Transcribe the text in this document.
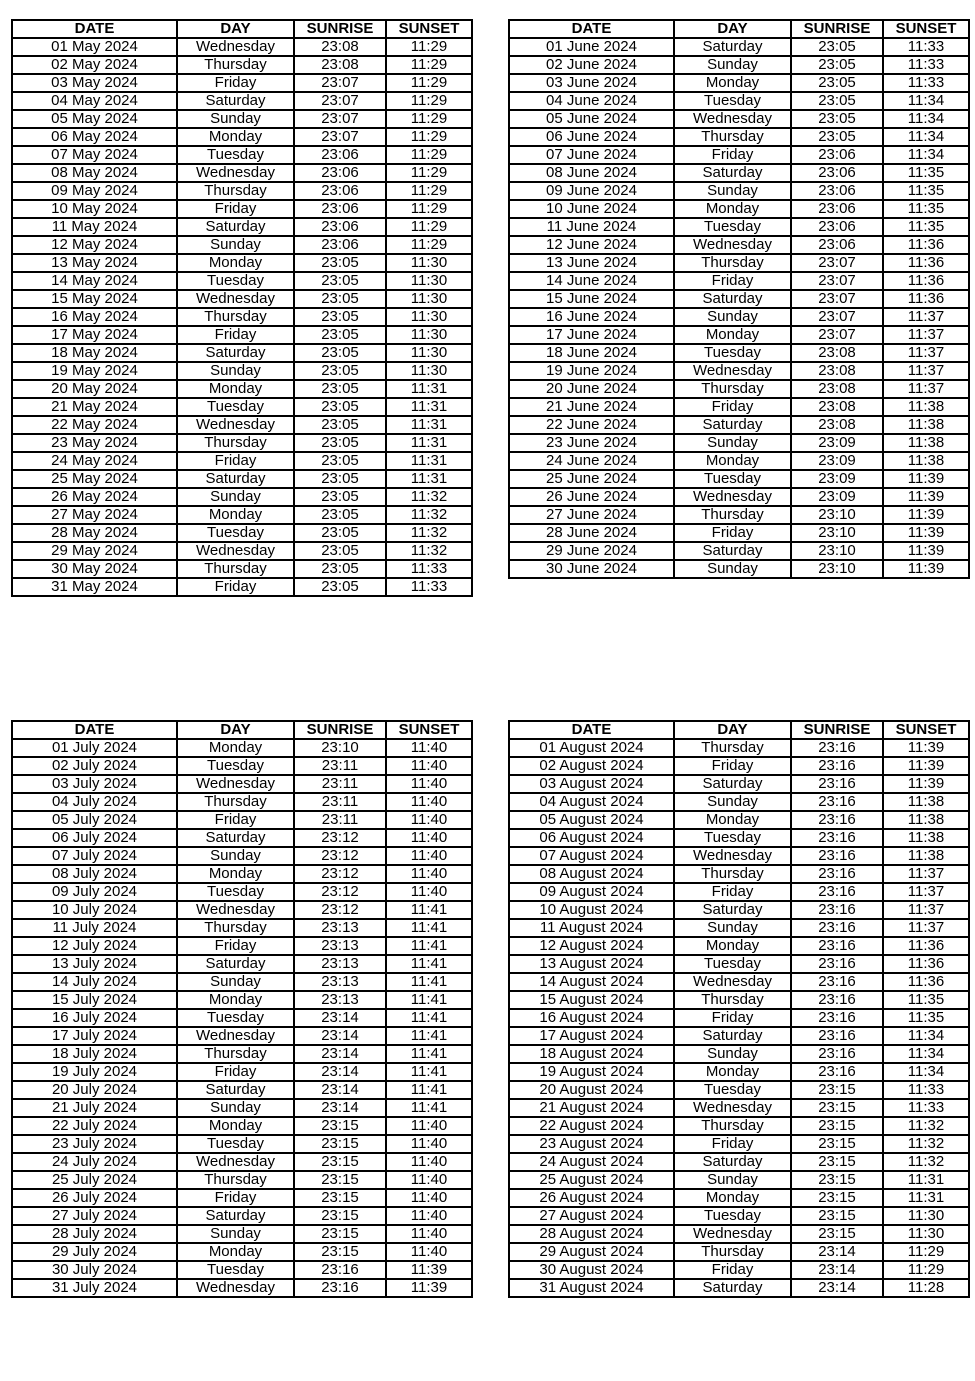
DATE	DAY	SUNRISE	SUNSET
01 May 2024	Wednesday	23:08	11:29
02 May 2024	Thursday	23:08	11:29
03 May 2024	Friday	23:07	11:29
04 May 2024	Saturday	23:07	11:29
05 May 2024	Sunday	23:07	11:29
06 May 2024	Monday	23:07	11:29
07 May 2024	Tuesday	23:06	11:29
08 May 2024	Wednesday	23:06	11:29
09 May 2024	Thursday	23:06	11:29
10 May 2024	Friday	23:06	11:29
11 May 2024	Saturday	23:06	11:29
12 May 2024	Sunday	23:06	11:29
13 May 2024	Monday	23:05	11:30
14 May 2024	Tuesday	23:05	11:30
15 May 2024	Wednesday	23:05	11:30
16 May 2024	Thursday	23:05	11:30
17 May 2024	Friday	23:05	11:30
18 May 2024	Saturday	23:05	11:30
19 May 2024	Sunday	23:05	11:30
20 May 2024	Monday	23:05	11:31
21 May 2024	Tuesday	23:05	11:31
22 May 2024	Wednesday	23:05	11:31
23 May 2024	Thursday	23:05	11:31
24 May 2024	Friday	23:05	11:31
25 May 2024	Saturday	23:05	11:31
26 May 2024	Sunday	23:05	11:32
27 May 2024	Monday	23:05	11:32
28 May 2024	Tuesday	23:05	11:32
29 May 2024	Wednesday	23:05	11:32
30 May 2024	Thursday	23:05	11:33
31 May 2024	Friday	23:05	11:33
DATE	DAY	SUNRISE	SUNSET
01 June 2024	Saturday	23:05	11:33
02 June 2024	Sunday	23:05	11:33
03 June 2024	Monday	23:05	11:33
04 June 2024	Tuesday	23:05	11:34
05 June 2024	Wednesday	23:05	11:34
06 June 2024	Thursday	23:05	11:34
07 June 2024	Friday	23:06	11:34
08 June 2024	Saturday	23:06	11:35
09 June 2024	Sunday	23:06	11:35
10 June 2024	Monday	23:06	11:35
11 June 2024	Tuesday	23:06	11:35
12 June 2024	Wednesday	23:06	11:36
13 June 2024	Thursday	23:07	11:36
14 June 2024	Friday	23:07	11:36
15 June 2024	Saturday	23:07	11:36
16 June 2024	Sunday	23:07	11:37
17 June 2024	Monday	23:07	11:37
18 June 2024	Tuesday	23:08	11:37
19 June 2024	Wednesday	23:08	11:37
20 June 2024	Thursday	23:08	11:37
21 June 2024	Friday	23:08	11:38
22 June 2024	Saturday	23:08	11:38
23 June 2024	Sunday	23:09	11:38
24 June 2024	Monday	23:09	11:38
25 June 2024	Tuesday	23:09	11:39
26 June 2024	Wednesday	23:09	11:39
27 June 2024	Thursday	23:10	11:39
28 June 2024	Friday	23:10	11:39
29 June 2024	Saturday	23:10	11:39
30 June 2024	Sunday	23:10	11:39
DATE	DAY	SUNRISE	SUNSET
01 July 2024	Monday	23:10	11:40
02 July 2024	Tuesday	23:11	11:40
03 July 2024	Wednesday	23:11	11:40
04 July 2024	Thursday	23:11	11:40
05 July 2024	Friday	23:11	11:40
06 July 2024	Saturday	23:12	11:40
07 July 2024	Sunday	23:12	11:40
08 July 2024	Monday	23:12	11:40
09 July 2024	Tuesday	23:12	11:40
10 July 2024	Wednesday	23:12	11:41
11 July 2024	Thursday	23:13	11:41
12 July 2024	Friday	23:13	11:41
13 July 2024	Saturday	23:13	11:41
14 July 2024	Sunday	23:13	11:41
15 July 2024	Monday	23:13	11:41
16 July 2024	Tuesday	23:14	11:41
17 July 2024	Wednesday	23:14	11:41
18 July 2024	Thursday	23:14	11:41
19 July 2024	Friday	23:14	11:41
20 July 2024	Saturday	23:14	11:41
21 July 2024	Sunday	23:14	11:41
22 July 2024	Monday	23:15	11:40
23 July 2024	Tuesday	23:15	11:40
24 July 2024	Wednesday	23:15	11:40
25 July 2024	Thursday	23:15	11:40
26 July 2024	Friday	23:15	11:40
27 July 2024	Saturday	23:15	11:40
28 July 2024	Sunday	23:15	11:40
29 July 2024	Monday	23:15	11:40
30 July 2024	Tuesday	23:16	11:39
31 July 2024	Wednesday	23:16	11:39
DATE	DAY	SUNRISE	SUNSET
01 August 2024	Thursday	23:16	11:39
02 August 2024	Friday	23:16	11:39
03 August 2024	Saturday	23:16	11:39
04 August 2024	Sunday	23:16	11:38
05 August 2024	Monday	23:16	11:38
06 August 2024	Tuesday	23:16	11:38
07 August 2024	Wednesday	23:16	11:38
08 August 2024	Thursday	23:16	11:37
09 August 2024	Friday	23:16	11:37
10 August 2024	Saturday	23:16	11:37
11 August 2024	Sunday	23:16	11:37
12 August 2024	Monday	23:16	11:36
13 August 2024	Tuesday	23:16	11:36
14 August 2024	Wednesday	23:16	11:36
15 August 2024	Thursday	23:16	11:35
16 August 2024	Friday	23:16	11:35
17 August 2024	Saturday	23:16	11:34
18 August 2024	Sunday	23:16	11:34
19 August 2024	Monday	23:16	11:34
20 August 2024	Tuesday	23:15	11:33
21 August 2024	Wednesday	23:15	11:33
22 August 2024	Thursday	23:15	11:32
23 August 2024	Friday	23:15	11:32
24 August 2024	Saturday	23:15	11:32
25 August 2024	Sunday	23:15	11:31
26 August 2024	Monday	23:15	11:31
27 August 2024	Tuesday	23:15	11:30
28 August 2024	Wednesday	23:15	11:30
29 August 2024	Thursday	23:14	11:29
30 August 2024	Friday	23:14	11:29
31 August 2024	Saturday	23:14	11:28
